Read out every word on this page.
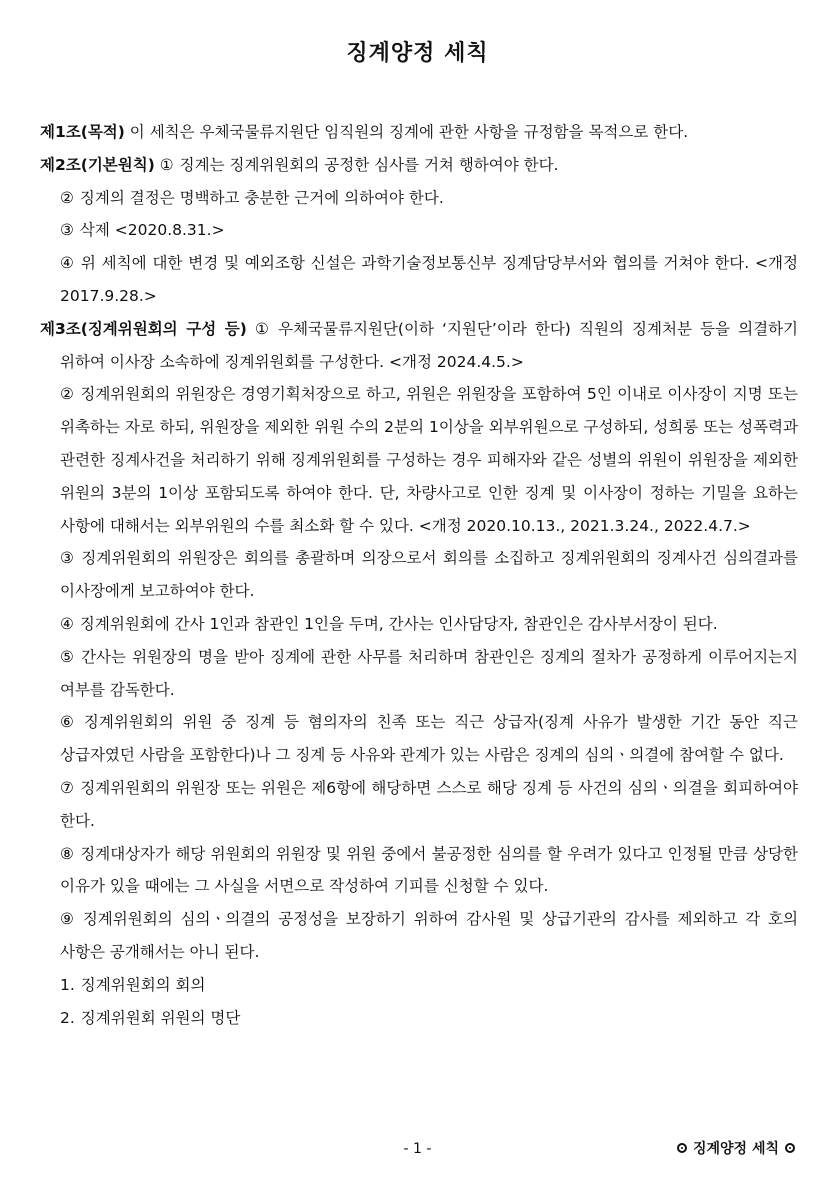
징계양정 세칙

제1조(목적) 이 세칙은 우체국물류지원단 임직원의 징계에 관한 사항을 규정함을 목적으로 한다.

제2조(기본원칙) ① 징계는 징계위원회의 공정한 심사를 거쳐 행하여야 한다.

② 징계의 결정은 명백하고 충분한 근거에 의하여야 한다.

③ 삭제 <2020.8.31.>

④ 위 세칙에 대한 변경 및 예외조항 신설은 과학기술정보통신부 징계담당부서와 협의를 거쳐야 한다. <개정 2017.9.28.>

제3조(징계위원회의 구성 등) ① 우체국물류지원단(이하 ‘지원단’이라 한다) 직원의 징계처분 등을 의결하기 위하여 이사장 소속하에 징계위원회를 구성한다. <개정 2024.4.5.>

② 징계위원회의 위원장은 경영기획처장으로 하고, 위원은 위원장을 포함하여 5인 이내로 이사장이 지명 또는 위촉하는 자로 하되, 위원장을 제외한 위원 수의 2분의 1이상을 외부위원으로 구성하되, 성희롱 또는 성폭력과 관련한 징계사건을 처리하기 위해 징계위원회를 구성하는 경우 피해자와 같은 성별의 위원이 위원장을 제외한 위원의 3분의 1이상 포함되도록 하여야 한다. 단, 차량사고로 인한 징계 및 이사장이 정하는 기밀을 요하는 사항에 대해서는 외부위원의 수를 최소화 할 수 있다. <개정 2020.10.13., 2021.3.24., 2022.4.7.>

③ 징계위원회의 위원장은 회의를 총괄하며 의장으로서 회의를 소집하고 징계위원회의 징계사건 심의결과를 이사장에게 보고하여야 한다.

④ 징계위원회에 간사 1인과 참관인 1인을 두며, 간사는 인사담당자, 참관인은 감사부서장이 된다.

⑤ 간사는 위원장의 명을 받아 징계에 관한 사무를 처리하며 참관인은 징계의 절차가 공정하게 이루어지는지 여부를 감독한다.

⑥ 징계위원회의 위원 중 징계 등 혐의자의 친족 또는 직근 상급자(징계 사유가 발생한 기간 동안 직근 상급자였던 사람을 포함한다)나 그 징계 등 사유와 관계가 있는 사람은 징계의 심의ㆍ의결에 참여할 수 없다.

⑦ 징계위원회의 위원장 또는 위원은 제6항에 해당하면 스스로 해당 징계 등 사건의 심의ㆍ의결을 회피하여야 한다.

⑧ 징계대상자가 해당 위원회의 위원장 및 위원 중에서 불공정한 심의를 할 우려가 있다고 인정될 만큼 상당한 이유가 있을 때에는 그 사실을 서면으로 작성하여 기피를 신청할 수 있다.

⑨ 징계위원회의 심의ㆍ의결의 공정성을 보장하기 위하여 감사원 및 상급기관의 감사를 제외하고 각 호의 사항은 공개해서는 아니 된다.

1. 징계위원회의 회의

2. 징계위원회 위원의 명단

- 1 -	징계양정 세칙
